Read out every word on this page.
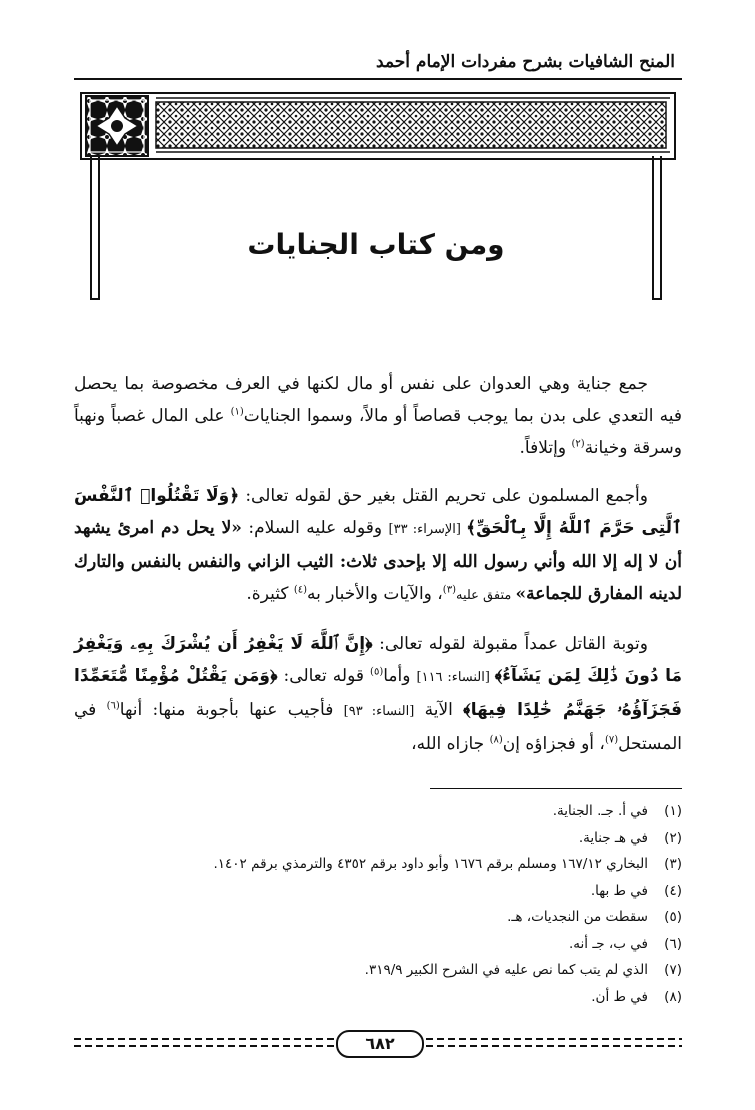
المنح الشافيات بشرح مفردات الإمام أحمد
ومن كتاب الجنايات

جمع جناية وهي العدوان على نفس أو مال لكنها في العرف مخصوصة بما يحصل فيه التعدي على بدن بما يوجب قصاصاً أو مالاً، وسموا الجنايات$^{(١)}$ على المال غصباً ونهباً وسرقة وخيانة$^{(٢)}$ وإتلافاً.

وأجمع المسلمون على تحريم القتل بغير حق لقوله تعالى: ﴿وَلَا تَقْتُلُوا۟ ٱلنَّفْسَ ٱلَّتِى حَرَّمَ ٱللَّهُ إِلَّا بِٱلْحَقِّ﴾ [الإسراء: ٣٣] وقوله عليه السلام: «لا يحل دم امرئ يشهد أن لا إله إلا الله وأني رسول الله إلا بإحدى ثلاث: الثيب الزاني والنفس بالنفس والتارك لدينه المفارق للجماعة» متفق عليه$^{(٣)}$، والآيات والأخبار به$^{(٤)}$ كثيرة.

وتوبة القاتل عمداً مقبولة لقوله تعالى: ﴿إِنَّ ٱللَّهَ لَا يَغْفِرُ أَن يُشْرَكَ بِهِۦ وَيَغْفِرُ مَا دُونَ ذَٰلِكَ لِمَن يَشَآءُ﴾ [النساء: ١١٦] وأما$^{(٥)}$ قوله تعالى: ﴿وَمَن يَقْتُلْ مُؤْمِنًا مُّتَعَمِّدًا فَجَزَآؤُهُۥ جَهَنَّمُ خَٰلِدًا فِيهَا﴾ الآية [النساء: ٩٣] فأجيب عنها بأجوبة منها: أنها$^{(٦)}$ في المستحل$^{(٧)}$، أو فجزاؤه إن$^{(٨)}$ جازاه الله،

(١)في أ. جـ. الجناية.
(٢)في هـ جناية.
(٣)البخاري ١٦٧/١٢ ومسلم برقم ١٦٧٦ وأبو داود برقم ٤٣٥٢ والترمذي برقم ١٤٠٢.
(٤)في ط بها.
(٥)سقطت من النجديات، هـ.
(٦)في ب، جـ أنه.
(٧)الذي لم يتب كما نص عليه في الشرح الكبير ٣١٩/٩.
(٨)في ط أن.
٦٨٢
